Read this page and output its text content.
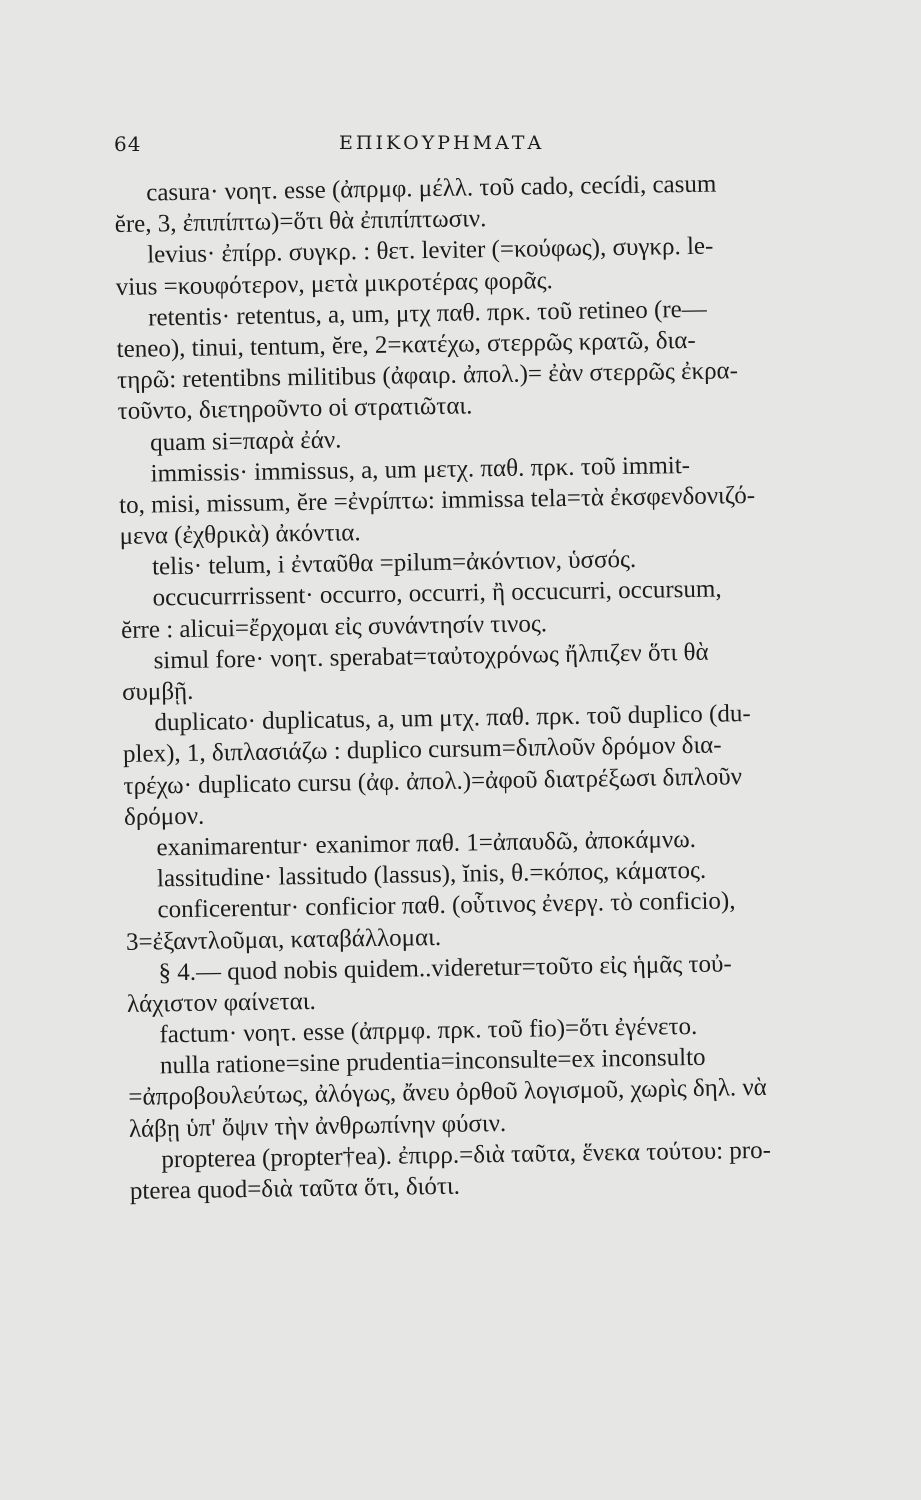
64	ΕΠΙΚΟΥΡΗΜΑΤΑ
casura· νοητ. esse (ἀπρμφ. μέλλ. τοῦ cado, cecídi, casum
ĕre, 3, ἐπιπίπτω)=ὅτι θὰ ἐπιπίπτωσιν.
levius· ἐπίρρ. συγκρ. : θετ. leviter (=κούφως), συγκρ. le-
vius =κουφότερον, μετὰ μικροτέρας φορᾶς.
retentis· retentus, a, um, μτχ παθ. πρκ. τοῦ retineo (re—
teneo), tinui, tentum, ĕre, 2=κατέχω, στερρῶς κρατῶ, δια-
τηρῶ: retentibns militibus (ἀφαιρ. ἀπολ.)= ἐὰν στερρῶς ἐκρα-
τοῦντο, διετηροῦντο οἱ στρατιῶται.
quam si=παρὰ ἐάν.
immissis· immissus, a, um μετχ. παθ. πρκ. τοῦ immit-
to, misi, missum, ĕre =ἐνρίπτω: immissa tela=τὰ ἐκσφενδονιζό-
μενα (ἐχθρικὰ) ἀκόντια.
telis· telum, i ἐνταῦθα =pilum=ἀκόντιον, ὑσσός.
occucurrrissent· occurro, occurri, ἢ occucurri, occursum,
ĕrre : alicui=ἔρχομαι εἰς συνάντησίν τινος.
simul fore· νοητ. sperabat=ταὐτοχρόνως ἤλπιζεν ὅτι θὰ
συμβῇ.
duplicato· duplicatus, a, um μτχ. παθ. πρκ. τοῦ duplico (du-
plex), 1, διπλασιάζω : duplico cursum=διπλοῦν δρόμον δια-
τρέχω· duplicato cursu (ἀφ. ἀπολ.)=ἀφοῦ διατρέξωσι διπλοῦν
δρόμον.
exanimarentur· exanimor παθ. 1=ἀπαυδῶ, ἀποκάμνω.
lassitudine· lassitudo (lassus), ĭnis, θ.=κόπος, κάματος.
conficerentur· conficior παθ. (οὗτινος ἐνεργ. τὸ conficio),
3=ἐξαντλοῦμαι, καταβάλλομαι.
§ 4.— quod nobis quidem..videretur=τοῦτο εἰς ἡμᾶς τοὐ-
λάχιστον φαίνεται.
factum· νοητ. esse (ἀπρμφ. πρκ. τοῦ fio)=ὅτι ἐγένετο.
nulla ratione=sine prudentia=inconsulte=ex inconsulto
=ἀπροβουλεύτως, ἀλόγως, ἄνευ ὀρθοῦ λογισμοῦ, χωρὶς δηλ. νὰ
λάβῃ ὑπ' ὄψιν τὴν ἀνθρωπίνην φύσιν.
propterea (propter†ea). ἐπιρρ.=διὰ ταῦτα, ἕνεκα τούτου: pro-
pterea quod=διὰ ταῦτα ὅτι, διότι.
